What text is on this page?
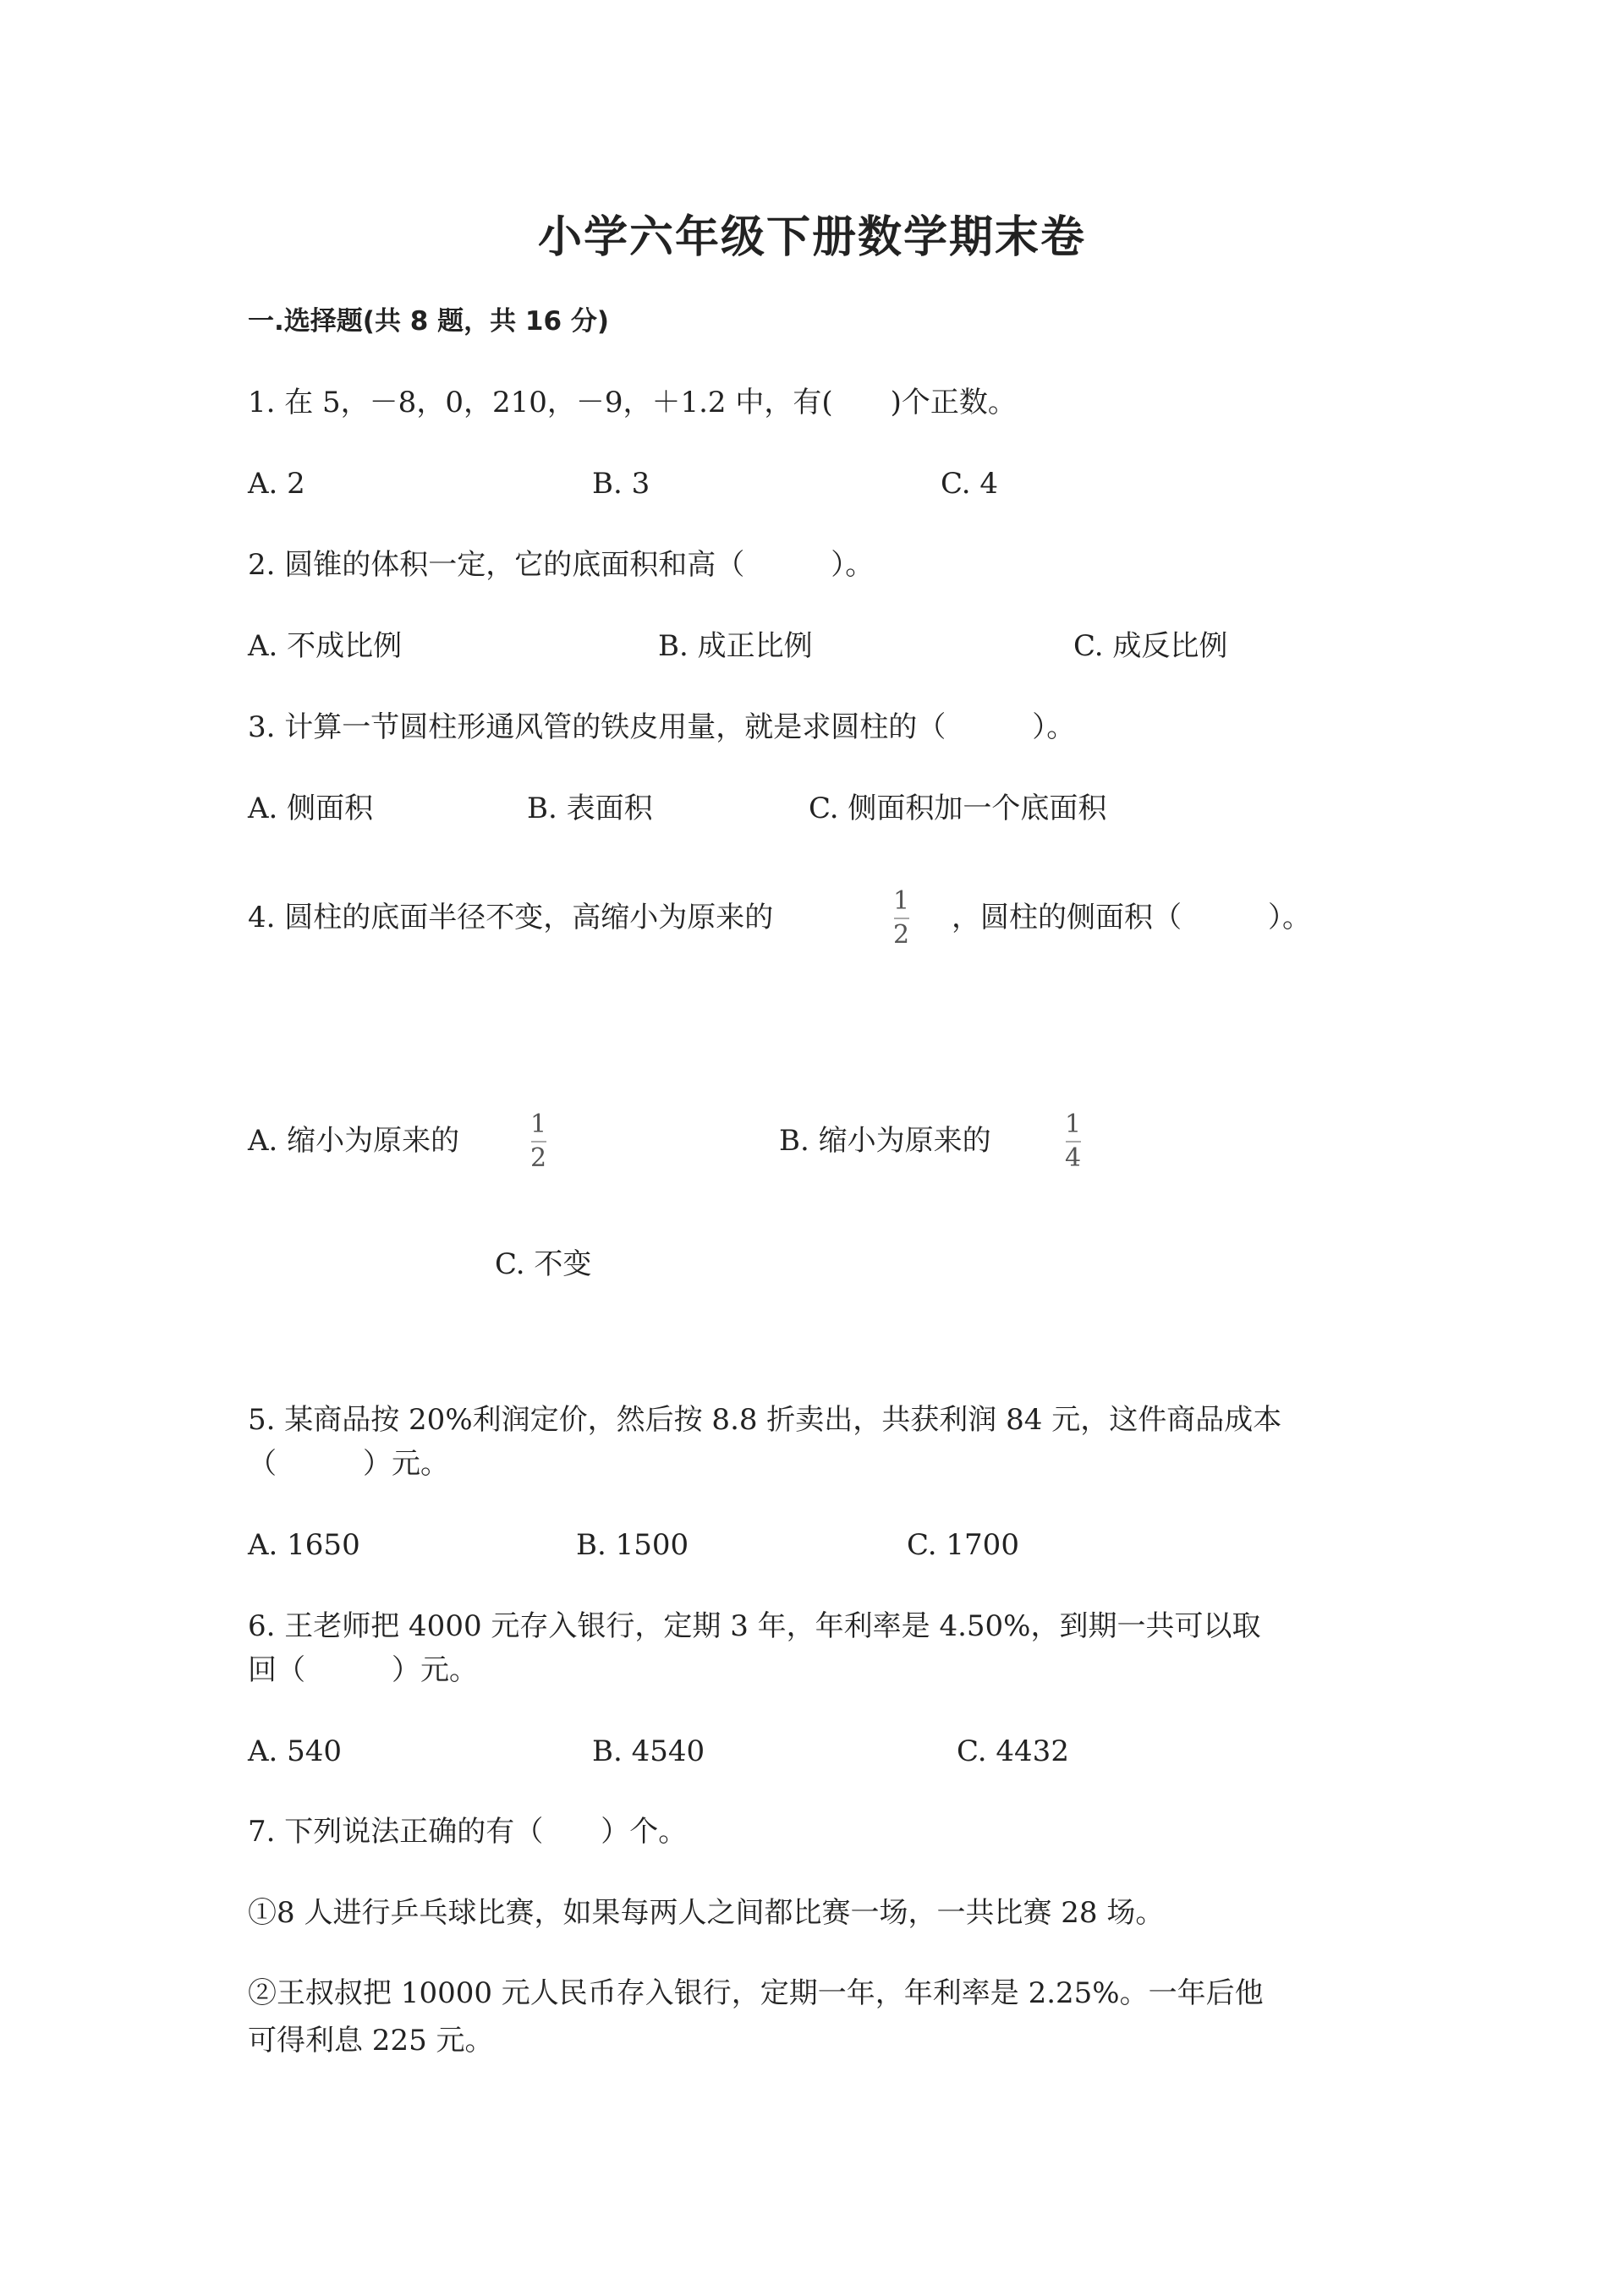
小学六年级下册数学期末卷
一.选择题(共 8 题，共 16 分)
1. 在 5，－8，0，210，－9，＋1.2 中，有(　　)个正数。
A. 2	B. 3	C. 4
2. 圆锥的体积一定，它的底面积和高（　　　）。
A. 不成比例	B. 成正比例	C. 成反比例
3. 计算一节圆柱形通风管的铁皮用量，就是求圆柱的（　　　）。
A. 侧面积	B. 表面积	C. 侧面积加一个底面积
4. 圆柱的底面半径不变，高缩小为原来的	1
2
，圆柱的侧面积（　　　）。
A. 缩小为原来的	1
2
B. 缩小为原来的	1
4
C. 不变
5. 某商品按 20%利润定价，然后按 8.8 折卖出，共获利润 84 元，这件商品成本
（　　　）元。
A. 1650	B. 1500	C. 1700
6. 王老师把 4000 元存入银行，定期 3 年，年利率是 4.50%，到期一共可以取
回（　　　）元。
A. 540	B. 4540	C. 4432
7. 下列说法正确的有（　　）个。
①8 人进行乒乓球比赛，如果每两人之间都比赛一场，一共比赛 28 场。
②王叔叔把 10000 元人民币存入银行，定期一年，年利率是 2.25%。一年后他
可得利息 225 元。
